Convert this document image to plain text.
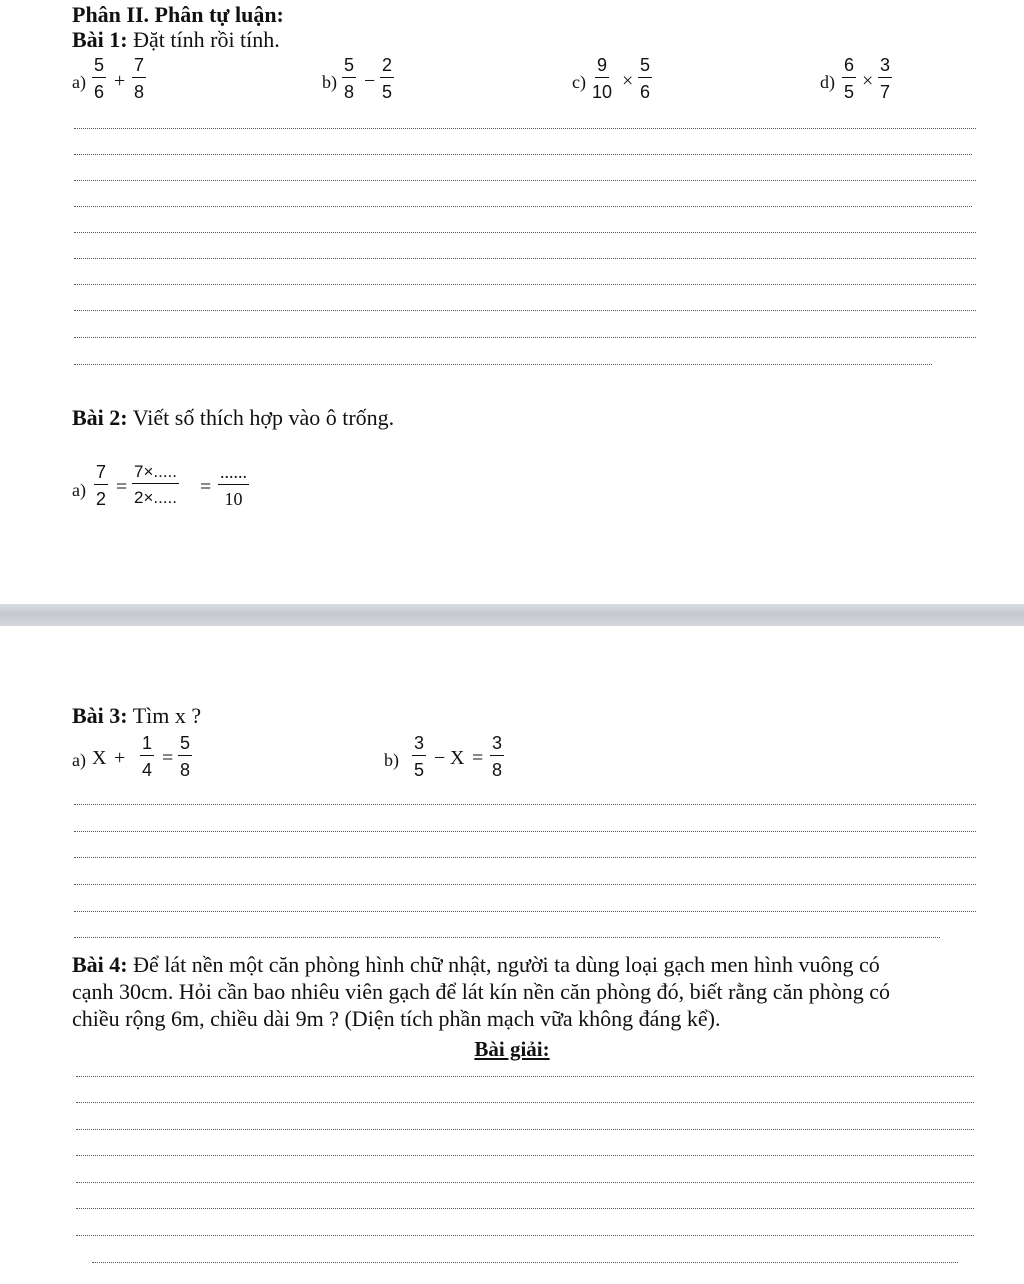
Phân II. Phân tự luận:
Bài 1: Đặt tính rồi tính.
$a) \frac{5}{6} + \frac{7}{8}$	$b) \frac{5}{8} - \frac{2}{5}$	$c) \frac{9}{10} \times \frac{5}{6}$	$d) \frac{6}{5} \times \frac{3}{7}$
Bài 2: Viết số thích hợp vào ô trống.
$a) \frac{7}{2} = \frac{7\times.....}{2\times.....}$ =
......
10
Bài 3: Tìm x ?
a) $X + \frac{1}{4} = \frac{5}{8}$	$b) \frac{3}{5} - X = \frac{3}{8}$
Bài 4: Để lát nền một căn phòng hình chữ nhật, người ta dùng loại gạch men hình vuông có
cạnh 30cm. Hỏi cần bao nhiêu viên gạch để lát kín nền căn phòng đó, biết rằng căn phòng có
chiều rộng 6m, chiều dài 9m ? (Diện tích phần mạch vữa không đáng kể).
Bài giải:
